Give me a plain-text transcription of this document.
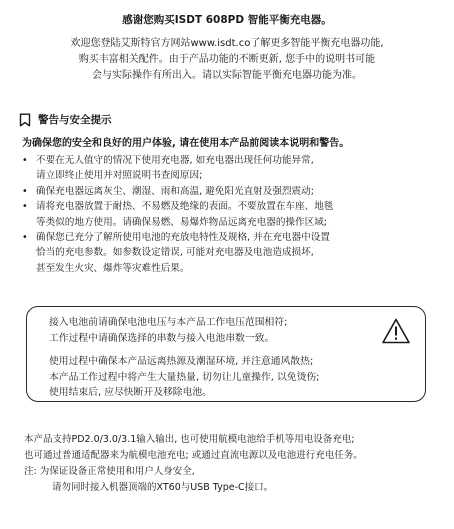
感谢您购买ISDT 608PD 智能平衡充电器。
欢迎您登陆艾斯特官方网站www.isdt.co了解更多智能平衡充电器功能,
购买丰富相关配件。由于产品功能的不断更新, 您手中的说明书可能
会与实际操作有所出入。请以实际智能平衡充电器功能为准。
警告与安全提示
为确保您的安全和良好的用户体验, 请在使用本产品前阅读本说明和警告。
• 不要在无人值守的情况下使用充电器, 如充电器出现任何功能异常,
请立即终止使用并对照说明书查阅原因;
• 确保充电器远离灰尘、潮湿、雨和高温, 避免阳光直射及强烈震动;
• 请将充电器放置于耐热、不易燃及绝缘的表面。不要放置在车座、地毯
等类似的地方使用。请确保易燃、易爆炸物品远离充电器的操作区域;
• 确保您已充分了解所使用电池的充放电特性及规格, 并在充电器中设置
恰当的充电参数。如参数设定错误, 可能对充电器及电池造成损坏,
甚至发生火灾、爆炸等灾难性后果。
接入电池前请确保电池电压与本产品工作电压范围相符;
工作过程中请确保选择的串数与接入电池串数一致。
使用过程中确保本产品远离热源及潮湿环境, 并注意通风散热;
本产品工作过程中将产生大量热量, 切勿让儿童操作, 以免烫伤;
使用结束后, 应尽快断开及移除电池。
本产品支持PD2.0/3.0/3.1输入输出, 也可使用航模电池给手机等用电设备充电;
也可通过普通适配器来为航模电池充电; 或通过直流电源以及电池进行充电任务。
注: 为保证设备正常使用和用户人身安全,
请勿同时接入机器顶端的XT60与USB Type-C接口。
